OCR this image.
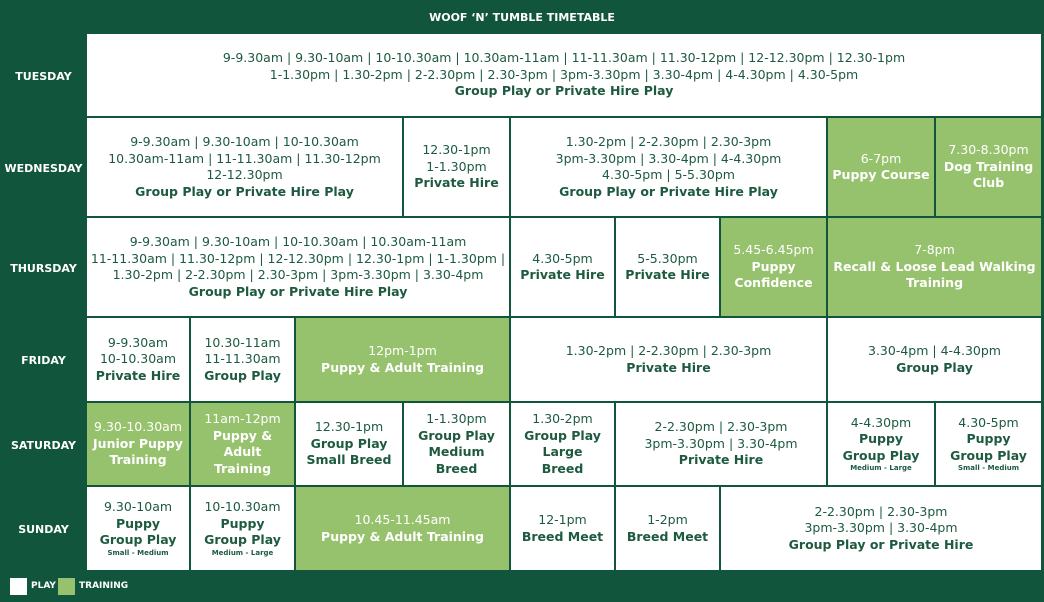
WOOF ‘N’ TUMBLE TIMETABLE
TUESDAY
WEDNESDAY
THURSDAY
FRIDAY
SATURDAY
SUNDAY
9-9.30am | 9.30-10am | 10-10.30am | 10.30am-11am | 11-11.30am | 11.30-12pm | 12-12.30pm | 12.30-1pm
1-1.30pm | 1.30-2pm | 2-2.30pm | 2.30-3pm | 3pm-3.30pm | 3.30-4pm | 4-4.30pm | 4.30-5pm
Group Play or Private Hire Play
9-9.30am | 9.30-10am | 10-10.30am
10.30am-11am | 11-11.30am | 11.30-12pm
12-12.30pm
Group Play or Private Hire Play
12.30-1pm
1-1.30pm
Private Hire
1.30-2pm | 2-2.30pm | 2.30-3pm
3pm-3.30pm | 3.30-4pm | 4-4.30pm
4.30-5pm | 5-5.30pm
Group Play or Private Hire Play
6-7pm
Puppy Course
7.30-8.30pm
Dog Training
Club
9-9.30am | 9.30-10am | 10-10.30am | 10.30am-11am
11-11.30am | 11.30-12pm | 12-12.30pm | 12.30-1pm | 1-1.30pm |
1.30-2pm | 2-2.30pm | 2.30-3pm | 3pm-3.30pm | 3.30-4pm
Group Play or Private Hire Play
4.30-5pm
Private Hire
5-5.30pm
Private Hire
5.45-6.45pm
Puppy
Confidence
7-8pm
Recall & Loose Lead Walking
Training
9-9.30am
10-10.30am
Private Hire
10.30-11am
11-11.30am
Group Play
12pm-1pm
Puppy & Adult Training
1.30-2pm | 2-2.30pm | 2.30-3pm
Private Hire
3.30-4pm | 4-4.30pm
Group Play
9.30-10.30am
Junior Puppy
Training
11am-12pm
Puppy &
Adult
Training
12.30-1pm
Group Play
Small Breed
1-1.30pm
Group Play
Medium
Breed
1.30-2pm
Group Play
Large
Breed
2-2.30pm | 2.30-3pm
3pm-3.30pm | 3.30-4pm
Private Hire
4-4.30pm
Puppy
Group Play
Medium - Large
4.30-5pm
Puppy
Group Play
Small - Medium
9.30-10am
Puppy
Group Play
Small - Medium
10-10.30am
Puppy
Group Play
Medium - Large
10.45-11.45am
Puppy & Adult Training
12-1pm
Breed Meet
1-2pm
Breed Meet
2-2.30pm | 2.30-3pm
3pm-3.30pm | 3.30-4pm
Group Play or Private Hire
PLAY	TRAINING
